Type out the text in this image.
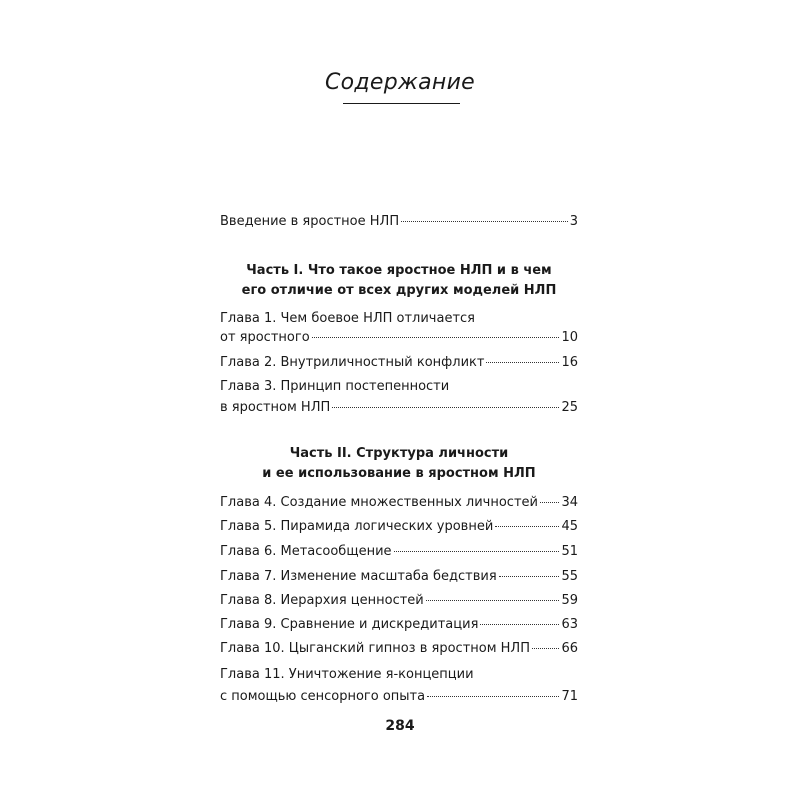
Содержание
Введение в яростное НЛП	3
Часть I. Что такое яростное НЛП и в чем
его отличие от всех других моделей НЛП
Глава 1. Чем боевое НЛП отличается
от яростного	10
Глава 2. Внутриличностный конфликт	16
Глава 3. Принцип постепенности
в яростном НЛП	25
Часть II. Структура личности
и ее использование в яростном НЛП
Глава 4. Создание множественных личностей 34
Глава 5. Пирамида логических уровней	45
Глава 6. Метасообщение	51
Глава 7. Изменение масштаба бедствия	55
Глава 8. Иерархия ценностей	59
Глава 9. Сравнение и дискредитация	63
Глава 10. Цыганский гипноз в яростном НЛП 66
Глава 11. Уничтожение я-концепции
с помощью сенсорного опыта	71
284
